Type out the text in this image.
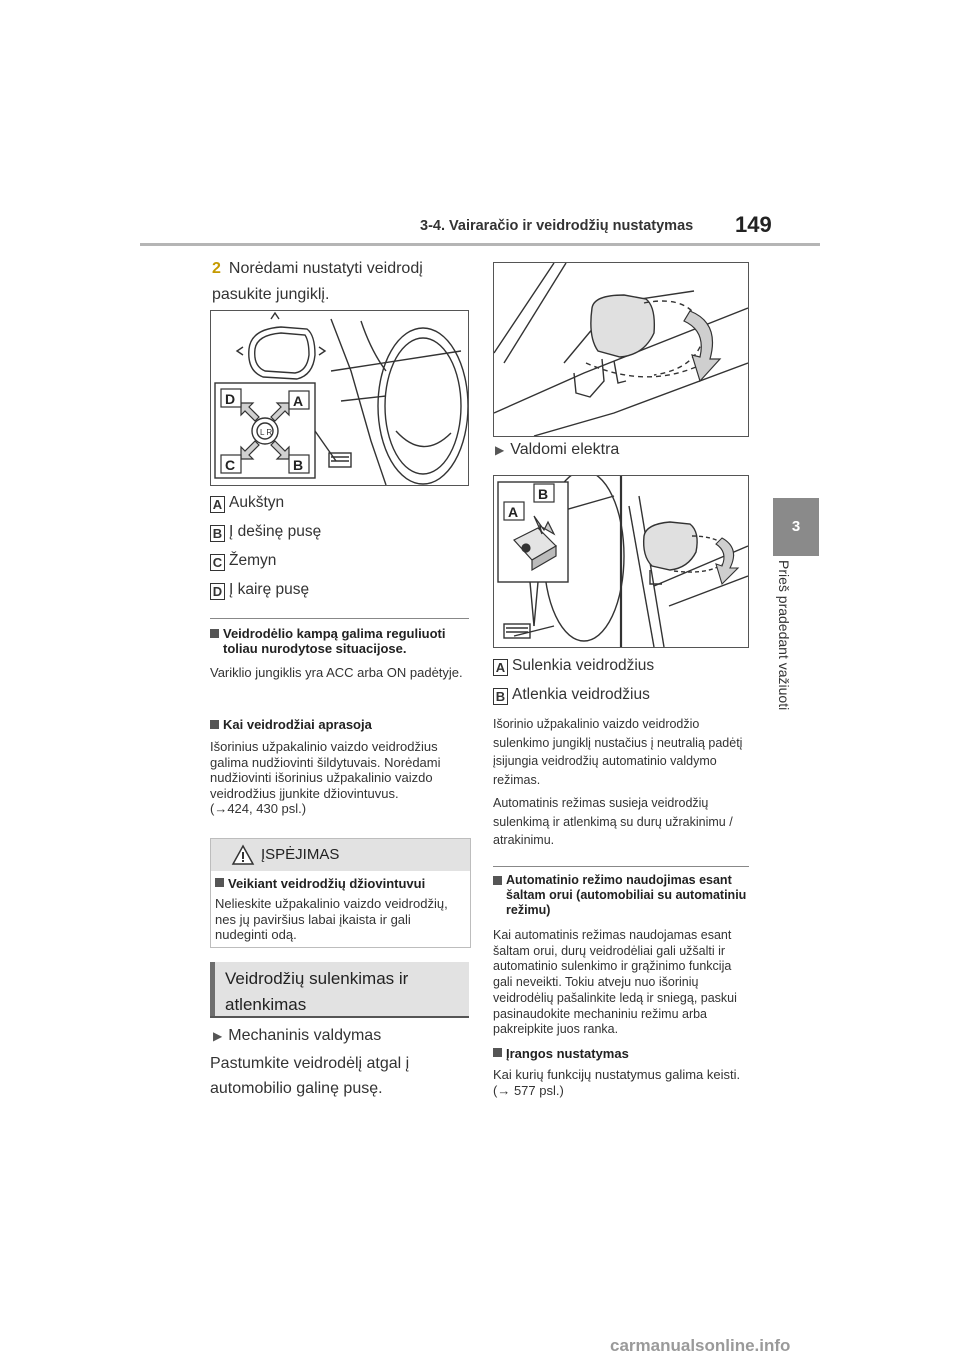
3-4. Vairaračio ir veidrodžių nustatymas 149
3
Prieš pradedant važiuoti
2 Norėdami nustatyti veidrodį pasukite jungiklį.
L R
D	A
C	B
A Aukštyn
B Į dešinę pusę
C Žemyn
D Į kairę pusę
Veidrodėlio kampą galima reguliuoti toliau nurodytose situacijose.
Variklio jungiklis yra ACC arba ON padėtyje.
Kai veidrodžiai aprasoja
Išorinius užpakalinio vaizdo veidrodžius galima nudžiovinti šildytuvais. Norėdami nudžiovinti išorinius užpakalinio vaizdo veidrodžius įjunkite džiovintuvus.
(→424, 430 psl.)
ĮSPĖJIMAS
Veikiant veidrodžių džiovintuvui
Nelieskite užpakalinio vaizdo veidrodžių, nes jų paviršius labai įkaista ir gali nudeginti odą.
Veidrodžių sulenkimas ir atlenkimas
▶ Mechaninis valdymas
Pastumkite veidrodėlį atgal į automobilio galinę pusę.
▶ Valdomi elektra
B
A
A Sulenkia veidrodžius
B Atlenkia veidrodžius
Išorinio užpakalinio vaizdo veidrodžio sulenkimo jungiklį nustačius į neutralią padėtį įsijungia veidrodžių automatinio valdymo režimas.
Automatinis režimas susieja veidrodžių sulenkimą ir atlenkimą su durų užrakinimu / atrakinimu.
Automatinio režimo naudojimas esant šaltam orui (automobiliai su automatiniu režimu)
Kai automatinis režimas naudojamas esant šaltam orui, durų veidrodėliai gali užšalti ir automatinio sulenkimo ir grąžinimo funkcija gali neveikti. Tokiu atveju nuo išorinių veidrodėlių pašalinkite ledą ir sniegą, paskui pasinaudokite mechaniniu režimu arba pakreipkite juos ranka.
Įrangos nustatymas
Kai kurių funkcijų nustatymus galima keisti. (→ 577 psl.)
carmanualsonline.info
